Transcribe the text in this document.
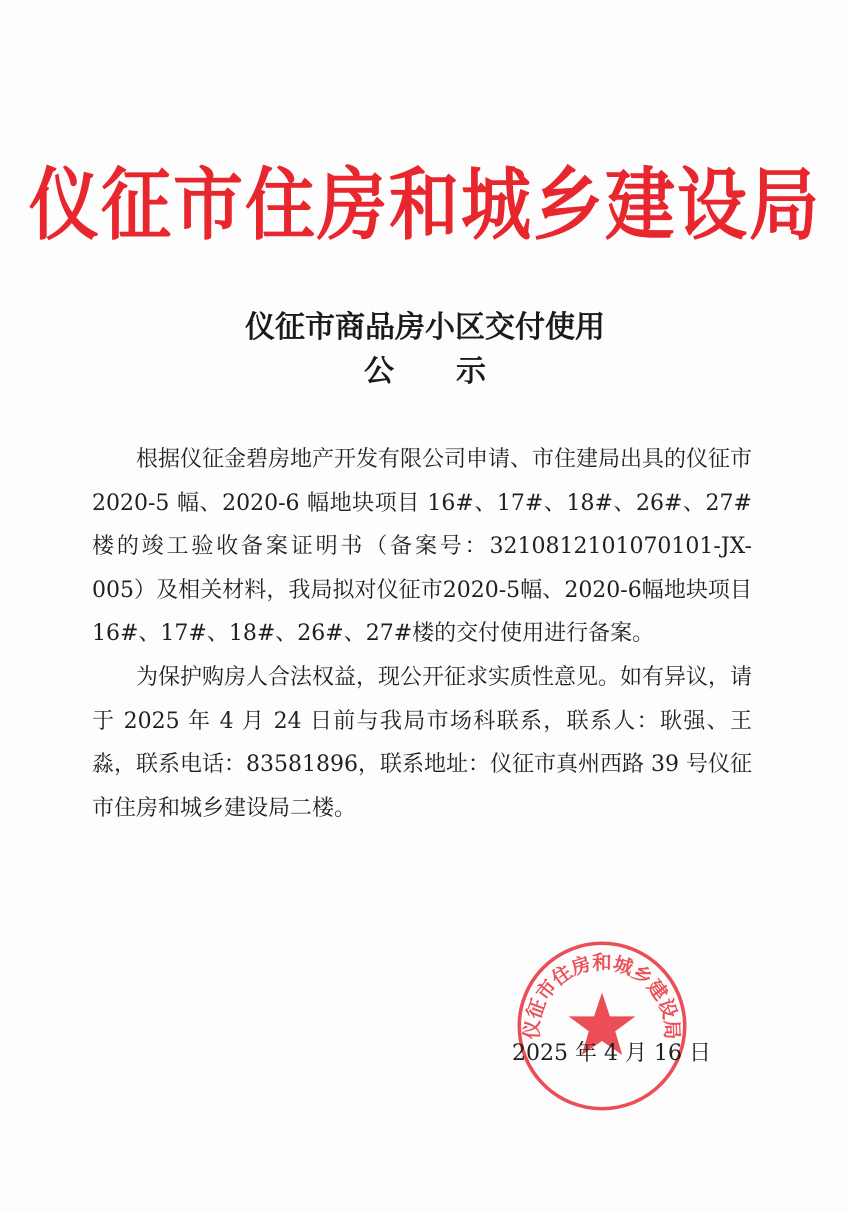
仪征市住房和城乡建设局
仪征市商品房小区交付使用
公示

根据仪征金碧房地产开发有限公司申请、市住建局出具的仪征市 2020-5 幅、2020-6 幅地块项目 16#、17#、18#、26#、27# 楼的竣工验收备案证明书（备案号：3210812101070101-JX-005）及相关材料，我局拟对仪征市2020-5幅、2020-6幅地块项目 16#、17#、18#、26#、27#楼的交付使用进行备案。

为保护购房人合法权益，现公开征求实质性意见。如有异议，请于 2025 年 4 月 24 日前与我局市场科联系，联系人：耿强、王淼，联系电话：83581896，联系地址：仪征市真州西路 39 号仪征市住房和城乡建设局二楼。

仪征市住房和城乡建设局
2025 年 4 月 16 日
